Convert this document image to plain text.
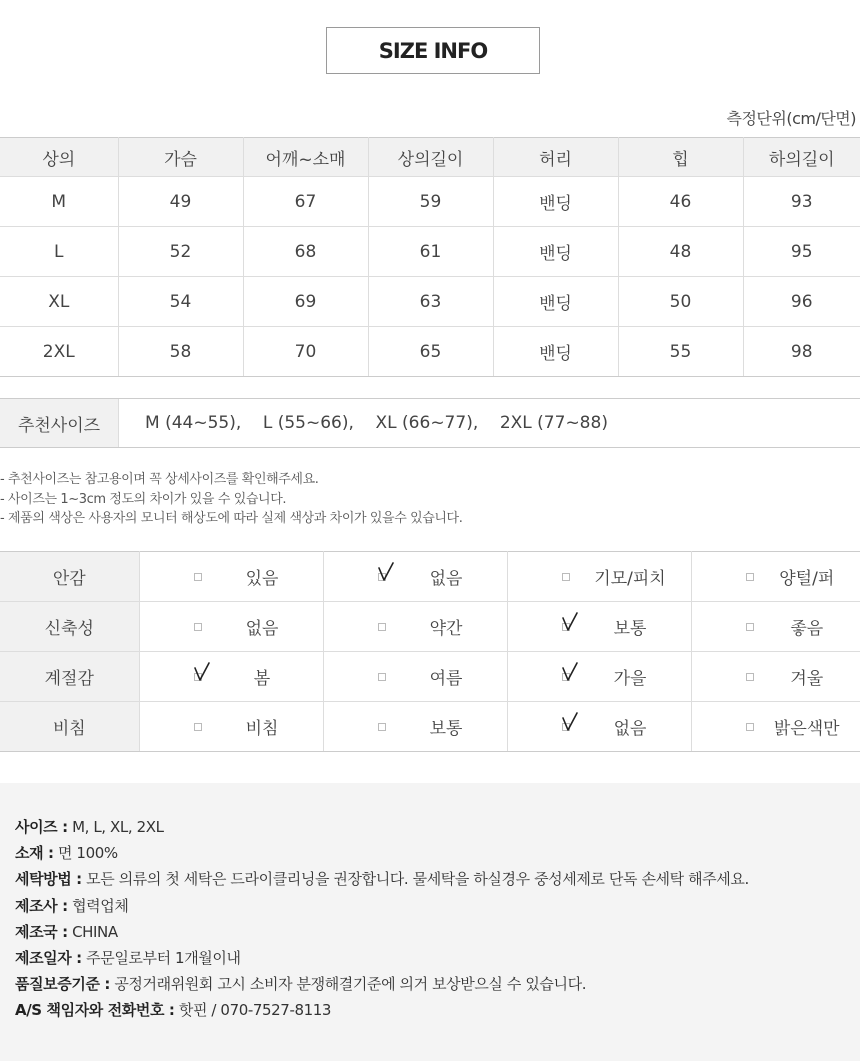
SIZE INFO
측정단위(cm/단면)
상의	가슴	어깨~소매	상의길이	허리	힙	하의길이
M	49	67	59	밴딩	46	93
L	52	68	61	밴딩	48	95
XL	54	69	63	밴딩	50	96
2XL	58	70	65	밴딩	55	98
추천사이즈	M (44~55),    L (55~66),    XL (66~77),    2XL (77~88)
- 추천사이즈는 참고용이며 꼭 상세사이즈를 확인해주세요.
- 사이즈는 1~3cm 정도의 차이가 있을 수 있습니다.
- 제품의 색상은 사용자의 모니터 해상도에 따라 실제 색상과 차이가 있을수 있습니다.
안감	있음	없음	기모/피치	양털/퍼

신축성	없음	약간	보통	좋음

계절감	봄	여름	가을	겨울

비침	비침	보통	없음	밝은색만
사이즈 : M, L, XL, 2XL
소재 : 면 100%
세탁방법 : 모든 의류의 첫 세탁은 드라이클리닝을 권장합니다. 물세탁을 하실경우 중성세제로 단독 손세탁 해주세요.
제조사 : 협력업체
제조국 : CHINA
제조일자 : 주문일로부터 1개월이내
품질보증기준 : 공정거래위원회 고시 소비자 분쟁해결기준에 의거 보상받으실 수 있습니다.
A/S 책임자와 전화번호 : 핫핀 / 070-7527-8113
